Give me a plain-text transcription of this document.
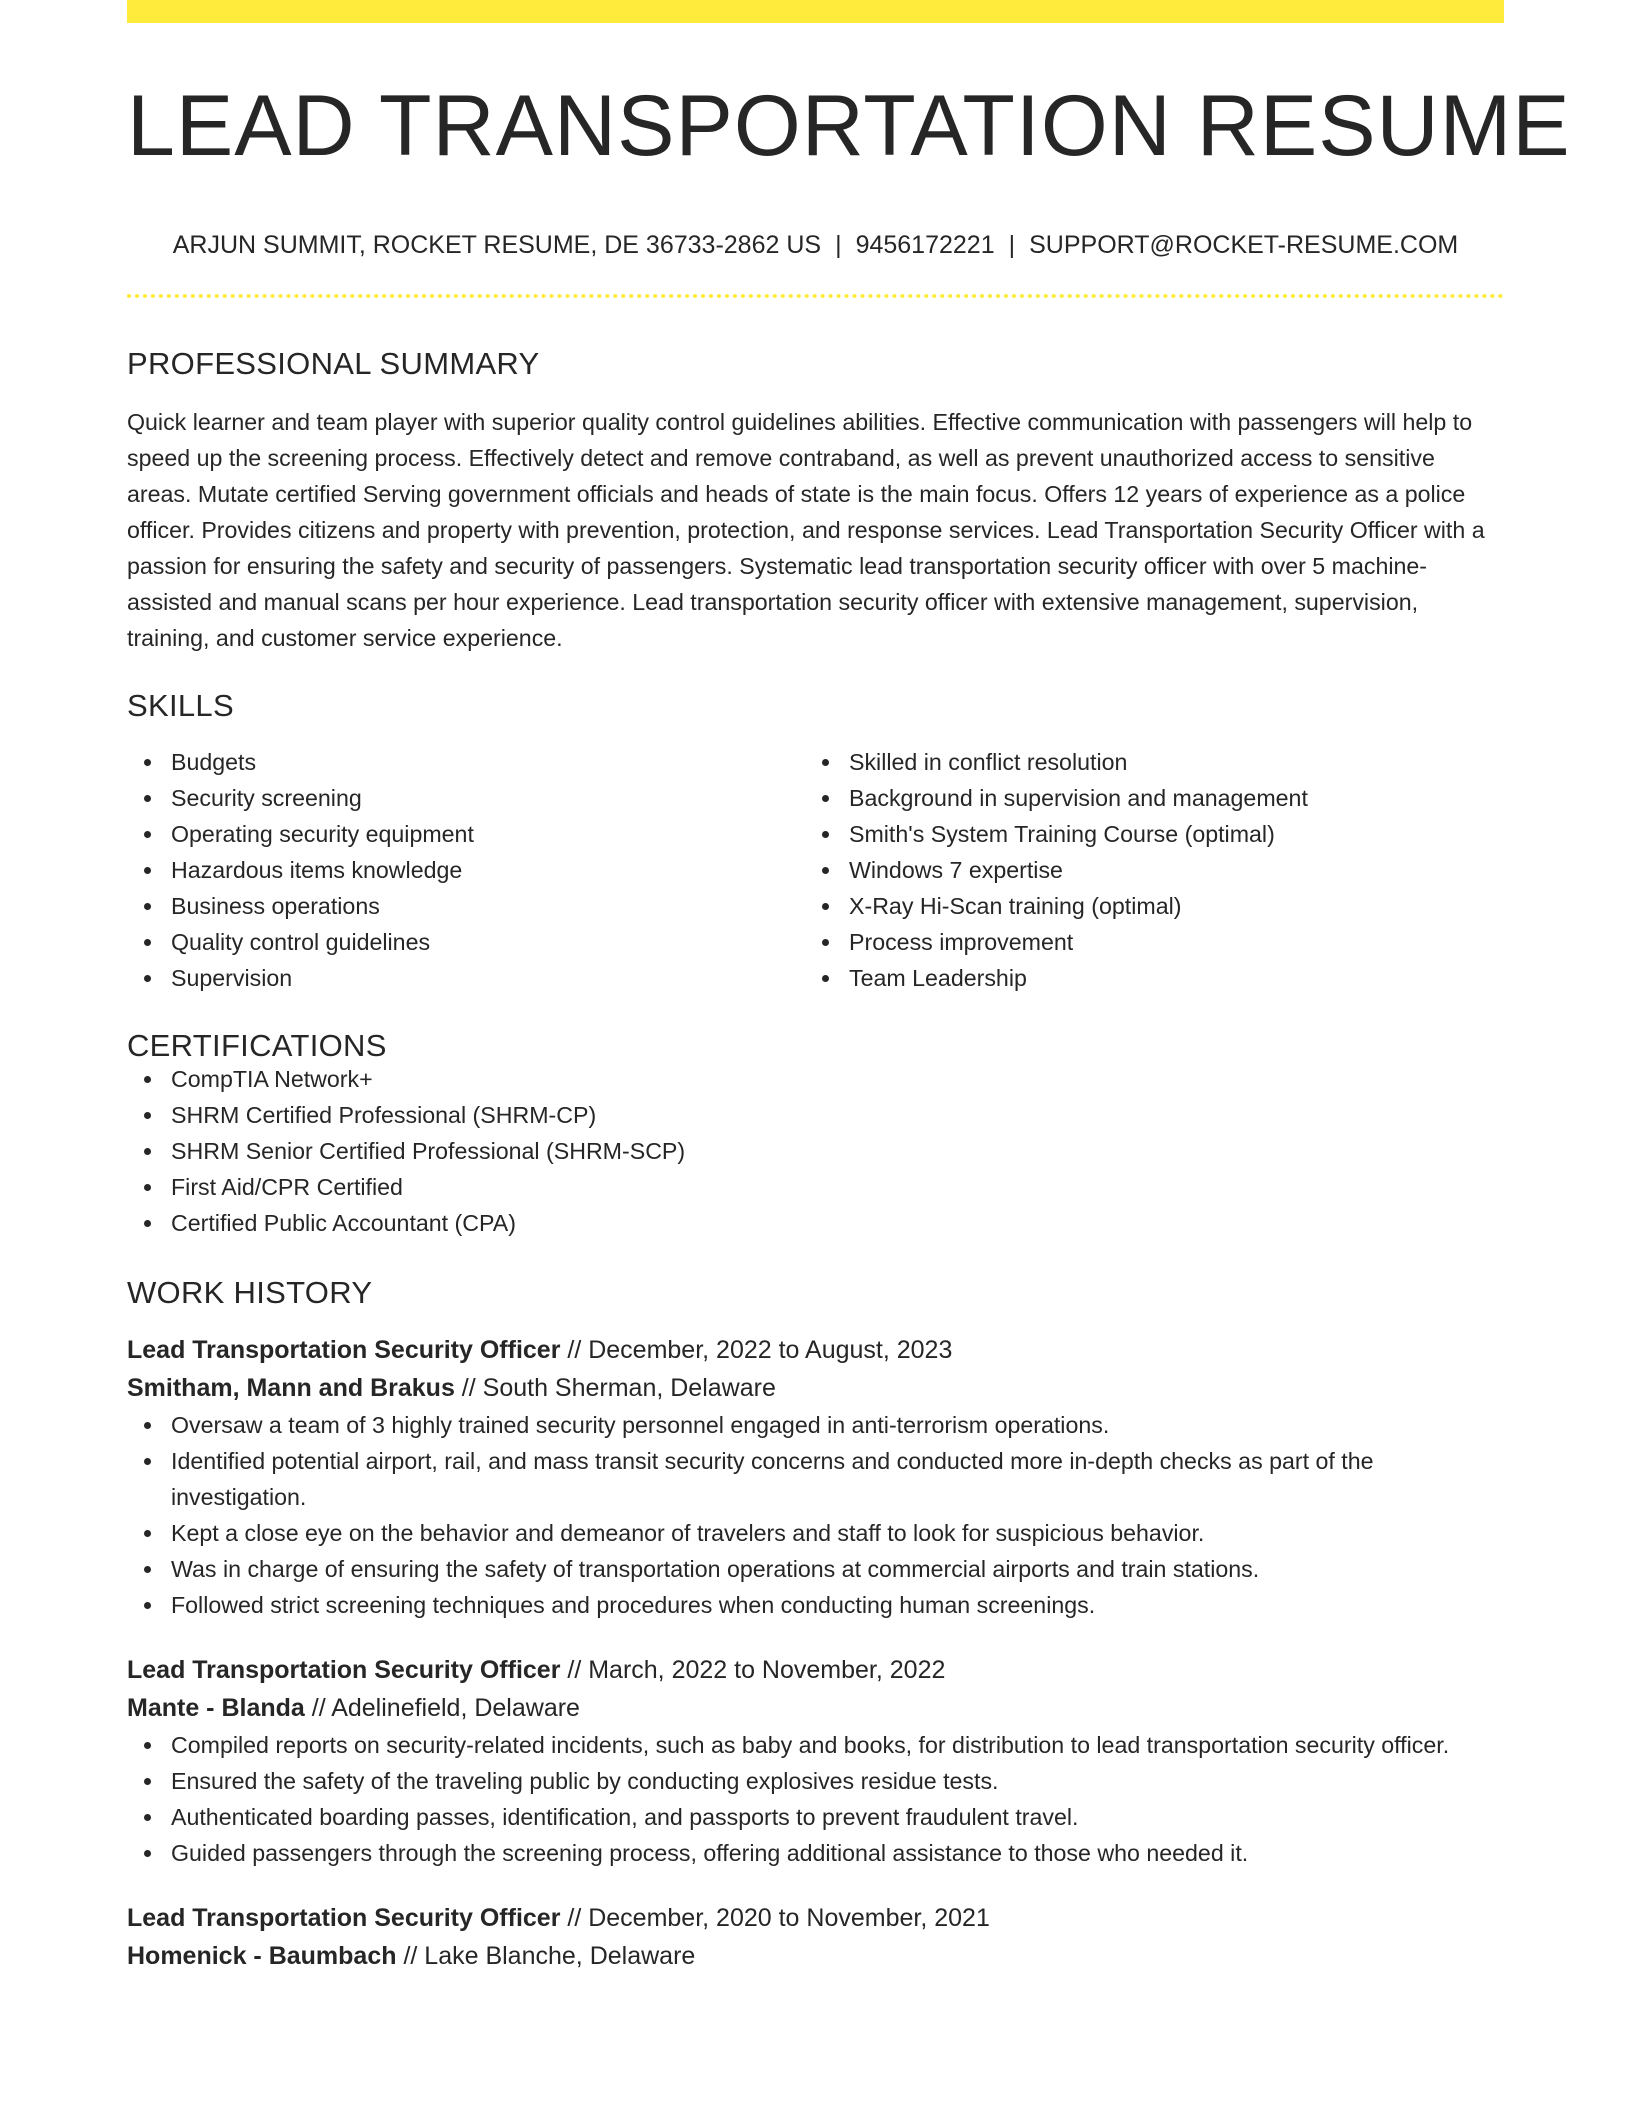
LEAD TRANSPORTATION RESUME
ARJUN SUMMIT, ROCKET RESUME, DE 36733-2862 US | 9456172221 | SUPPORT@ROCKET-RESUME.COM
PROFESSIONAL SUMMARY
Quick learner and team player with superior quality control guidelines abilities. Effective communication with passengers will help to speed up the screening process. Effectively detect and remove contraband, as well as prevent unauthorized access to sensitive areas. Mutate certified Serving government officials and heads of state is the main focus. Offers 12 years of experience as a police officer. Provides citizens and property with prevention, protection, and response services. Lead Transportation Security Officer with a passion for ensuring the safety and security of passengers. Systematic lead transportation security officer with over 5 machine-assisted and manual scans per hour experience. Lead transportation security officer with extensive management, supervision, training, and customer service experience.
SKILLS
Budgets
Security screening
Operating security equipment
Hazardous items knowledge
Business operations
Quality control guidelines
Supervision
Skilled in conflict resolution
Background in supervision and management
Smith's System Training Course (optimal)
Windows 7 expertise
X-Ray Hi-Scan training (optimal)
Process improvement
Team Leadership
CERTIFICATIONS
CompTIA Network+
SHRM Certified Professional (SHRM-CP)
SHRM Senior Certified Professional (SHRM-SCP)
First Aid/CPR Certified
Certified Public Accountant (CPA)
WORK HISTORY
Lead Transportation Security Officer // December, 2022 to August, 2023
Smitham, Mann and Brakus // South Sherman, Delaware
Oversaw a team of 3 highly trained security personnel engaged in anti-terrorism operations.
Identified potential airport, rail, and mass transit security concerns and conducted more in-depth checks as part of the investigation.
Kept a close eye on the behavior and demeanor of travelers and staff to look for suspicious behavior.
Was in charge of ensuring the safety of transportation operations at commercial airports and train stations.
Followed strict screening techniques and procedures when conducting human screenings.
Lead Transportation Security Officer // March, 2022 to November, 2022
Mante - Blanda // Adelinefield, Delaware
Compiled reports on security-related incidents, such as baby and books, for distribution to lead transportation security officer.
Ensured the safety of the traveling public by conducting explosives residue tests.
Authenticated boarding passes, identification, and passports to prevent fraudulent travel.
Guided passengers through the screening process, offering additional assistance to those who needed it.
Lead Transportation Security Officer // December, 2020 to November, 2021
Homenick - Baumbach // Lake Blanche, Delaware
